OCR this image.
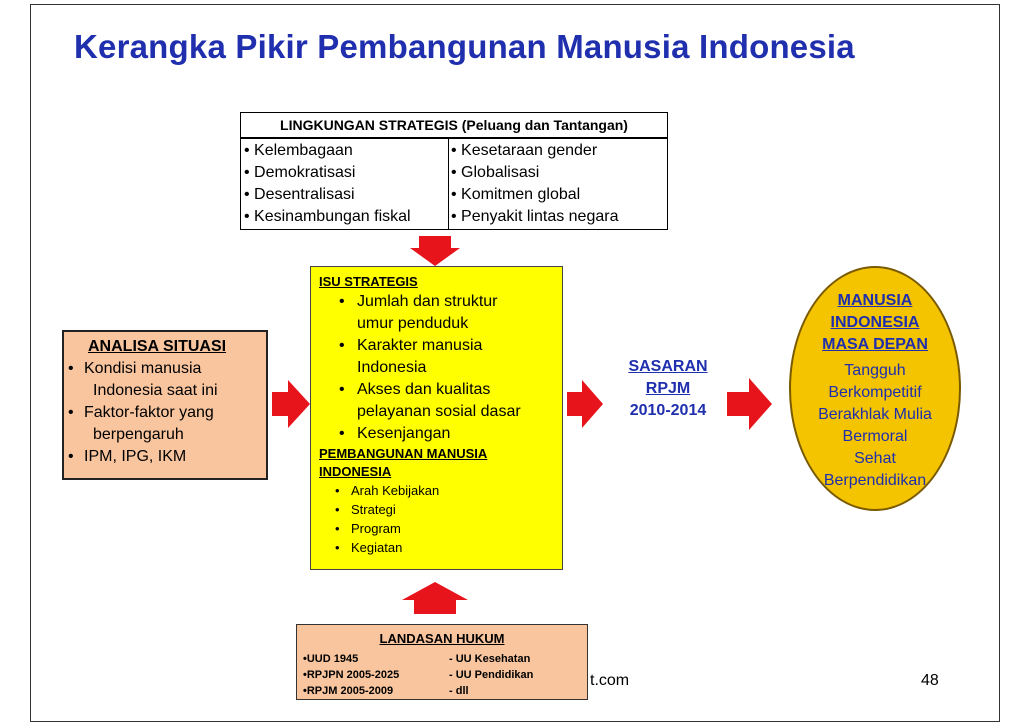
Kerangka Pikir Pembangunan Manusia Indonesia
LINGKUNGAN STRATEGIS (Peluang dan Tantangan)
• Kelembagaan
• Demokratisasi
• Desentralisasi
• Kesinambungan fiskal
• Kesetaraan gender
• Globalisasi
• Komitmen global
• Penyakit lintas negara
ANALISA SITUASI
• Kondisi manusia
Indonesia saat ini
• Faktor-faktor yang
berpengaruh
• IPM, IPG, IKM
ISU STRATEGIS
• Jumlah dan struktur
umur penduduk
• Karakter manusia
Indonesia
• Akses dan kualitas
pelayanan sosial dasar
• Kesenjangan
PEMBANGUNAN MANUSIA
INDONESIA
• Arah Kebijakan
• Strategi
• Program
• Kegiatan
SASARAN
RPJM
2010-2014
MANUSIA
INDONESIA
MASA DEPAN
Tangguh
Berkompetitif
Berakhlak Mulia
Bermoral
Sehat
Berpendidikan
LANDASAN HUKUM
•UUD 1945
•RPJPN 2005-2025
•RPJM 2005-2009
- UU Kesehatan
- UU Pendidikan
- dll
t.com	48
